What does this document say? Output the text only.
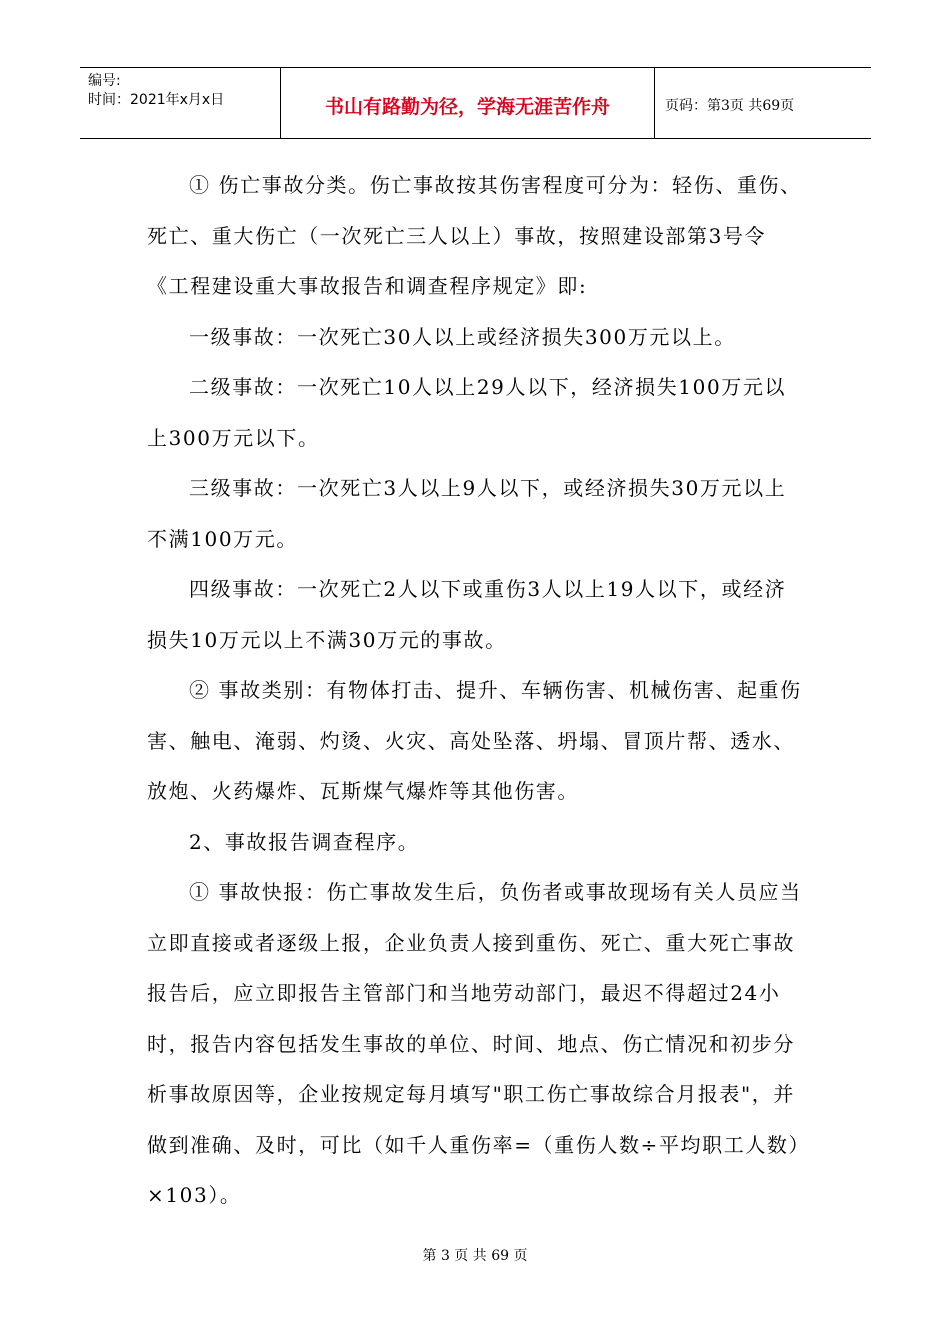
编号:
时间：2021年x月x日	书山有路勤为径，学海无涯苦作舟	页码：第3页 共69页

① 伤亡事故分类。伤亡事故按其伤害程度可分为：轻伤、重伤、死亡、重大伤亡（一次死亡三人以上）事故，按照建设部第3号令《工程建设重大事故报告和调查程序规定》即:

一级事故：一次死亡30人以上或经济损失300万元以上。

二级事故：一次死亡10人以上29人以下，经济损失100万元以上300万元以下。

三级事故：一次死亡3人以上9人以下，或经济损失30万元以上不满100万元。

四级事故：一次死亡2人以下或重伤3人以上19人以下，或经济损失10万元以上不满30万元的事故。

② 事故类别：有物体打击、提升、车辆伤害、机械伤害、起重伤害、触电、淹弱、灼烫、火灾、高处坠落、坍塌、冒顶片帮、透水、放炮、火药爆炸、瓦斯煤气爆炸等其他伤害。

2、事故报告调查程序。

① 事故快报：伤亡事故发生后，负伤者或事故现场有关人员应当立即直接或者逐级上报，企业负责人接到重伤、死亡、重大死亡事故报告后，应立即报告主管部门和当地劳动部门，最迟不得超过24小时，报告内容包括发生事故的单位、时间、地点、伤亡情况和初步分析事故原因等，企业按规定每月填写"职工伤亡事故综合月报表"，并做到准确、及时，可比（如千人重伤率=（重伤人数÷平均职工人数）×103）。

第 3 页 共 69 页
